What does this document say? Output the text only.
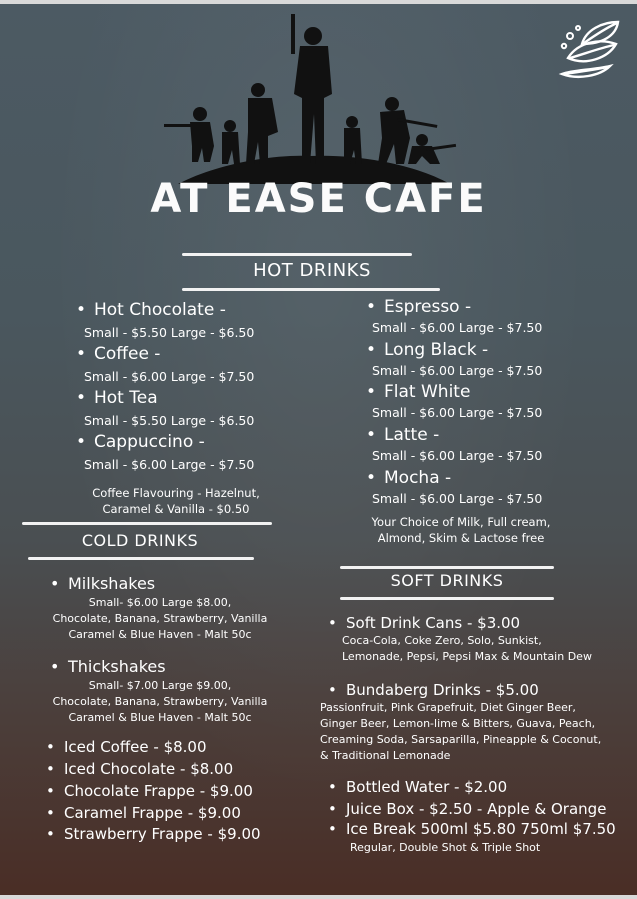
AT EASE CAFE
HOT DRINKS
• Hot Chocolate -
Small - $5.50 Large - $6.50
• Coffee -
Small - $6.00 Large - $7.50
• Hot Tea
Small - $5.50 Large - $6.50
• Cappuccino -
Small - $6.00 Large - $7.50
Coffee Flavouring - Hazelnut,
Caramel & Vanilla - $0.50
• Espresso -
Small - $6.00 Large - $7.50
• Long Black -
Small - $6.00 Large - $7.50
• Flat White
Small - $6.00 Large - $7.50
• Latte -
Small - $6.00 Large - $7.50
• Mocha -
Small - $6.00 Large - $7.50
Your Choice of Milk, Full cream,
Almond, Skim & Lactose free
COLD DRINKS
• Milkshakes
Small- $6.00 Large $8.00,
Chocolate, Banana, Strawberry, Vanilla
Caramel & Blue Haven - Malt 50c
• Thickshakes
Small- $7.00 Large $9.00,
Chocolate, Banana, Strawberry, Vanilla
Caramel & Blue Haven - Malt 50c
• Iced Coffee - $8.00
• Iced Chocolate - $8.00
• Chocolate Frappe - $9.00
• Caramel Frappe - $9.00
• Strawberry Frappe - $9.00
SOFT DRINKS
• Soft Drink Cans - $3.00
Coca-Cola, Coke Zero, Solo, Sunkist,
Lemonade, Pepsi, Pepsi Max & Mountain Dew
• Bundaberg Drinks - $5.00
Passionfruit, Pink Grapefruit, Diet Ginger Beer,
Ginger Beer, Lemon-lime & Bitters, Guava, Peach,
Creaming Soda, Sarsaparilla, Pineapple & Coconut,
& Traditional Lemonade
• Bottled Water - $2.00
• Juice Box - $2.50 - Apple & Orange
• Ice Break 500ml $5.80 750ml $7.50
Regular, Double Shot & Triple Shot
